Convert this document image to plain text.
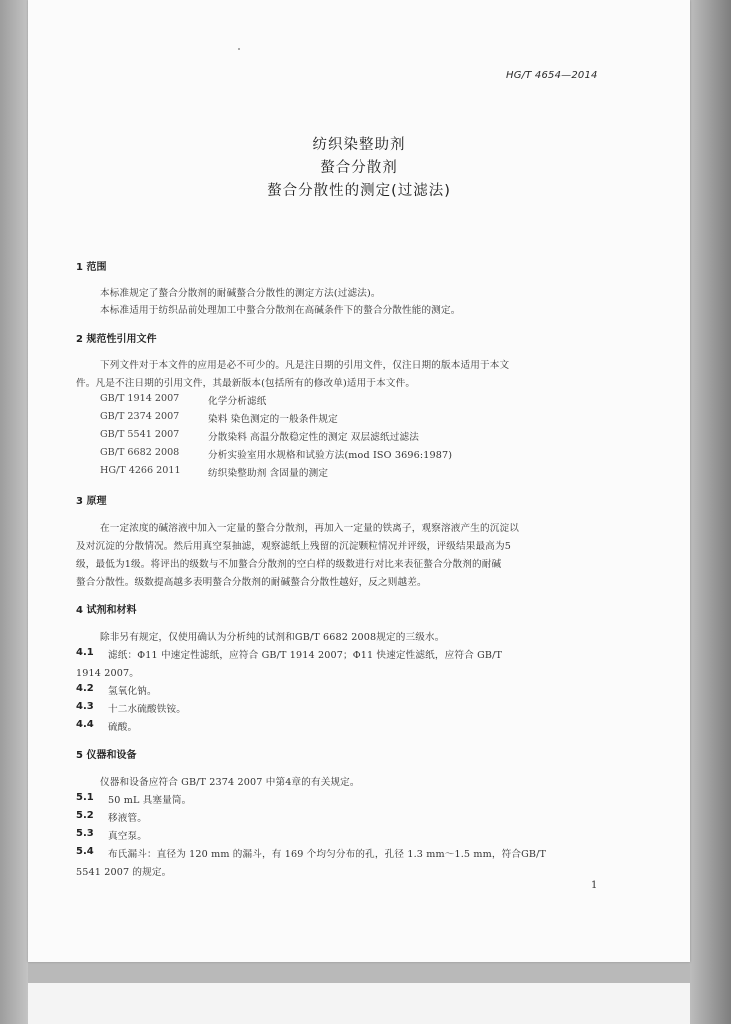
HG/T 4654—2014
纺织染整助剂
螯合分散剂
螯合分散性的测定(过滤法)
1 范围
本标准规定了螯合分散剂的耐碱螯合分散性的测定方法(过滤法)。
本标准适用于纺织品前处理加工中螯合分散剂在高碱条件下的螯合分散性能的测定。
2 规范性引用文件
下列文件对于本文件的应用是必不可少的。凡是注日期的引用文件，仅注日期的版本适用于本文
件。凡是不注日期的引用文件，其最新版本(包括所有的修改单)适用于本文件。
GB/T 1914 2007	化学分析滤纸
GB/T 2374 2007	染料 染色测定的一般条件规定
GB/T 5541 2007	分散染料 高温分散稳定性的测定 双层滤纸过滤法
GB/T 6682 2008	分析实验室用水规格和试验方法(mod ISO 3696:1987)
HG/T 4266 2011	纺织染整助剂 含固量的测定
3 原理
在一定浓度的碱溶液中加入一定量的螯合分散剂，再加入一定量的铁离子，观察溶液产生的沉淀以
及对沉淀的分散情况。然后用真空泵抽滤，观察滤纸上残留的沉淀颗粒情况并评级，评级结果最高为5
级，最低为1级。将评出的级数与不加螯合分散剂的空白样的级数进行对比来表征螯合分散剂的耐碱
螯合分散性。级数提高越多表明螯合分散剂的耐碱螯合分散性越好，反之则越差。
4 试剂和材料
除非另有规定，仅使用确认为分析纯的试剂和GB/T 6682 2008规定的三级水。
4.1 滤纸：Φ11 中速定性滤纸，应符合 GB/T 1914 2007；Φ11 快速定性滤纸，应符合 GB/T
1914 2007。
4.2 氢氧化钠。
4.3 十二水硫酸铁铵。
4.4 硫酸。
5 仪器和设备
仪器和设备应符合 GB/T 2374 2007 中第4章的有关规定。
5.1 50 mL 具塞量筒。
5.2 移液管。
5.3 真空泵。
5.4 布氏漏斗：直径为 120 mm 的漏斗，有 169 个均匀分布的孔，孔径 1.3 mm～1.5 mm，符合GB/T
5541 2007 的规定。
1
